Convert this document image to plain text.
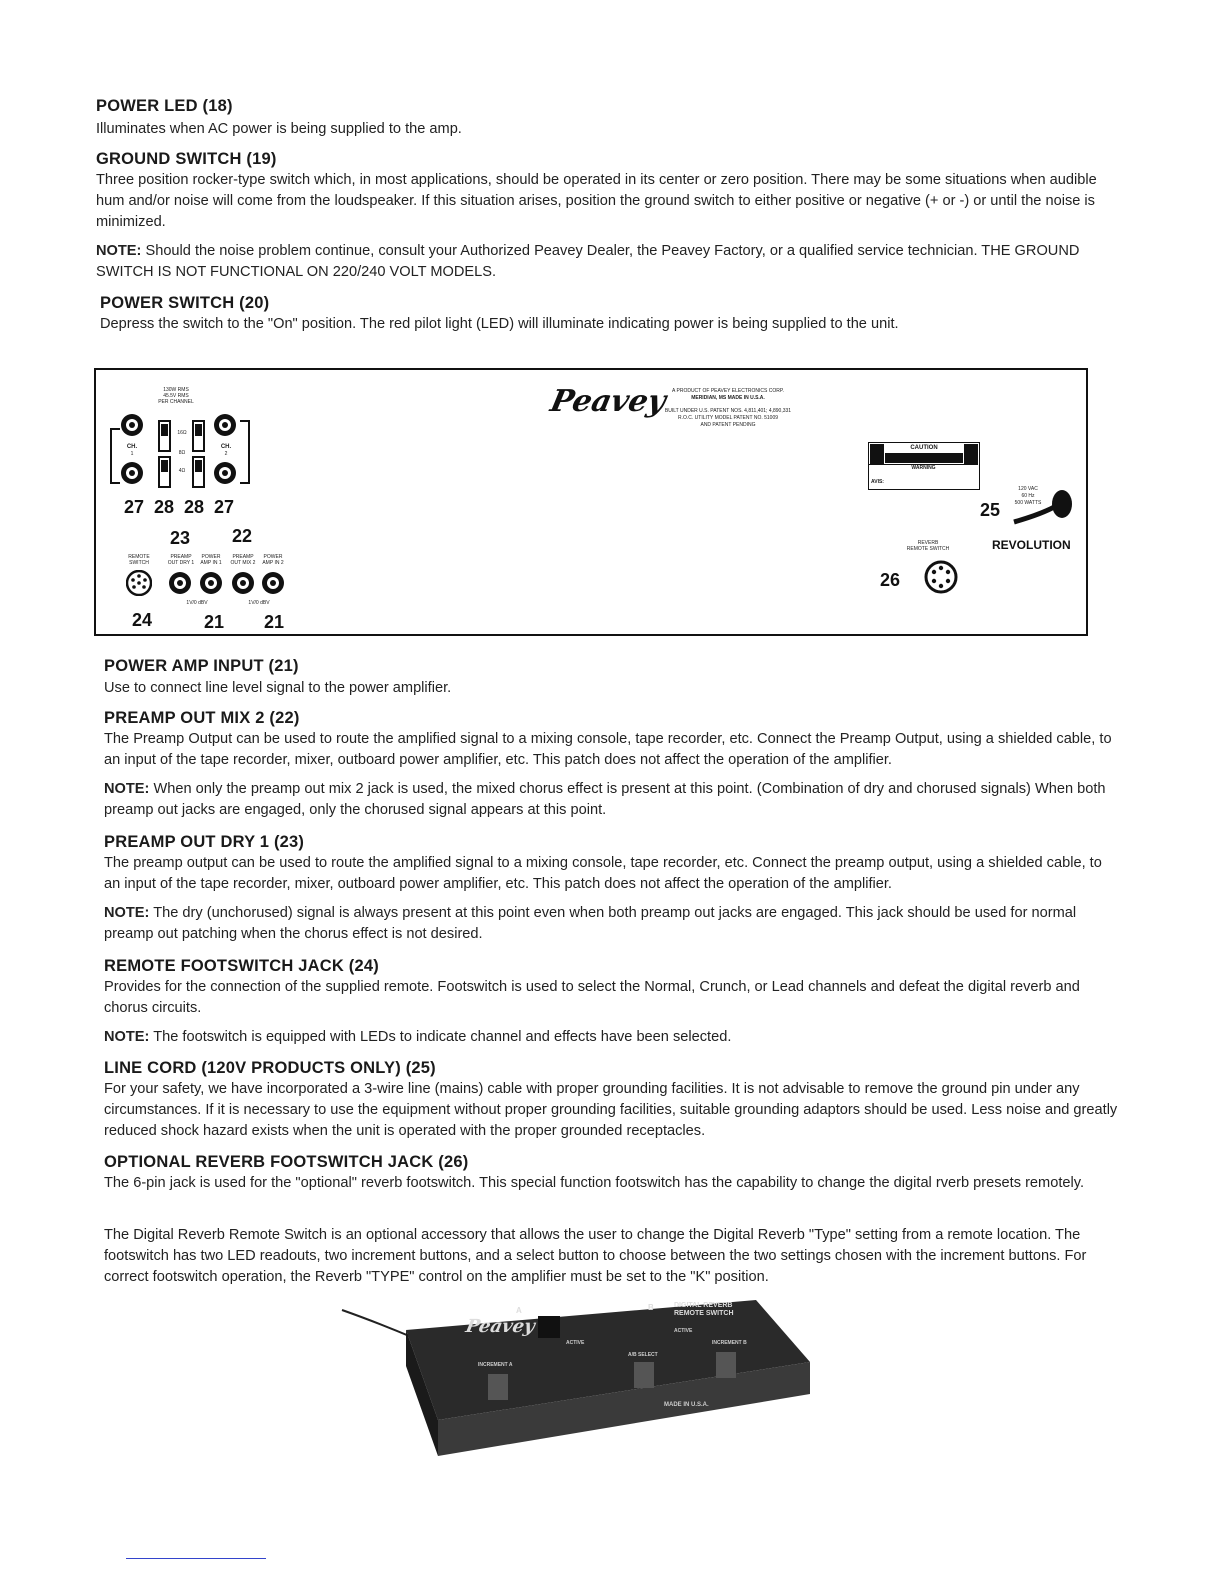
POWER LED (18)
Illuminates when AC power is being supplied to the amp.
GROUND SWITCH (19)
Three position rocker-type switch which, in most applications, should be operated in its center or zero position. There may be some situations when audible hum and/or noise will come from the loudspeaker. If this situation arises, position the ground switch to either positive or negative (+ or -) or until the noise is minimized.
NOTE: Should the noise problem continue, consult your Authorized Peavey Dealer, the Peavey Factory, or a qualified service technician. THE GROUND SWITCH IS NOT FUNCTIONAL ON 220/240 VOLT MODELS.
POWER SWITCH (20)
Depress the switch to the "On" position. The red pilot light (LED) will illuminate indicating power is being supplied to the unit.
130W RMS
45.5V RMS
PER CHANNEL
CH.
1
CH.
2
16Ω
8Ω
4Ω
27 28 28 27
23 22
REMOTE SWITCH
PREAMP OUT DRY 1
POWER AMP IN 1
PREAMP OUT MIX 2
POWER AMP IN 2
1V/0 dBV	1V/0 dBV
24	21 21
Peavey A PRODUCT OF PEAVEY ELECTRONICS CORP.
MERIDIAN, MS MADE IN U.S.A.
BUILT UNDER U.S. PATENT NOS. 4,811,401; 4,890,331
R.O.C. UTILITY MODEL PATENT NO. 51009
AND PATENT PENDING
CAUTION
WARNING
AVIS:
120 VAC
60 Hz
500 WATTS
25
REVOLUTION
REVERB
REMOTE SWITCH
26
POWER AMP INPUT (21)
Use to connect line level signal to the power amplifier.
PREAMP OUT MIX 2 (22)
The Preamp Output can be used to route the amplified signal to a mixing console, tape recorder, etc. Connect the Preamp Output, using a shielded cable, to an input of the tape recorder, mixer, outboard power amplifier, etc. This patch does not affect the operation of the amplifier.
NOTE: When only the preamp out mix 2 jack is used, the mixed chorus effect is present at this point. (Combination of dry and chorused signals) When both preamp out jacks are engaged, only the chorused signal appears at this point.
PREAMP OUT DRY 1 (23)
The preamp output can be used to route the amplified signal to a mixing console, tape recorder, etc. Connect the preamp output, using a shielded cable, to an input of the tape recorder, mixer, outboard power amplifier, etc. This patch does not affect the operation of the amplifier.
NOTE: The dry (unchorused) signal is always present at this point even when both preamp out jacks are engaged. This jack should be used for normal preamp out patching when the chorus effect is not desired.
REMOTE FOOTSWITCH JACK (24)
Provides for the connection of the supplied remote. Footswitch is used to select the Normal, Crunch, or Lead channels and defeat the digital reverb and chorus circuits.
NOTE: The footswitch is equipped with LEDs to indicate channel and effects have been selected.
LINE CORD (120V PRODUCTS ONLY) (25)
For your safety, we have incorporated a 3-wire line (mains) cable with proper grounding facilities. It is not advisable to remove the ground pin under any circumstances. If it is necessary to use the equipment without proper grounding facilities, suitable grounding adaptors should be used. Less noise and greatly reduced shock hazard exists when the unit is operated with the proper grounded receptacles.
OPTIONAL REVERB FOOTSWITCH JACK (26)
The 6-pin jack is used for the "optional" reverb footswitch. This special function footswitch has the capability to change the digital rverb presets remotely.
The Digital Reverb Remote Switch is an optional accessory that allows the user to change the Digital Reverb "Type" setting from a remote location. The footswitch has two LED readouts, two increment buttons, and a select button to choose between the two settings chosen with the increment buttons. For correct footswitch operation, the Reverb "TYPE" control on the amplifier must be set to the "K" position.
Peavey
A	B	DIGITAL REVERB REMOTE SWITCH
ACTIVE
ACTIVE
INCREMENT A
A/B SELECT
INCREMENT B
MADE IN U.S.A.
